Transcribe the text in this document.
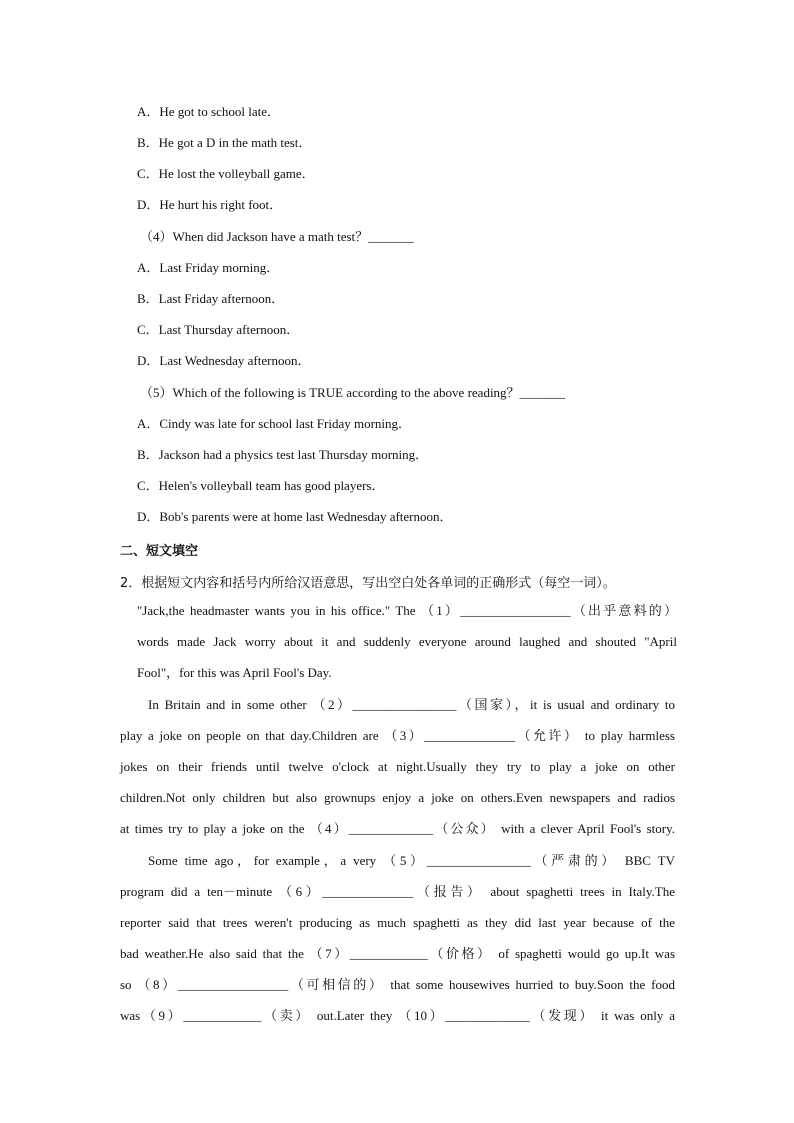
A．He got to school late．
B．He got a D in the math test．
C．He lost the volleyball game．
D．He hurt his right foot．
（4）When did Jackson have a math test？_______
A．Last Friday morning．
B．Last Friday afternoon．
C．Last Thursday afternoon．
D．Last Wednesday afternoon．
（5）Which of the following is TRUE according to the above reading？_______
A．Cindy was late for school last Friday morning．
B．Jackson had a physics test last Thursday morning．
C．Helen's volleyball team has good players．
D．Bob's parents were at home last Wednesday afternoon．
二、短文填空
2．根据短文内容和括号内所给汉语意思，写出空白处各单词的正确形式（每空一词）。
"Jack,the headmaster wants you in his office." The （1）_________________（出乎意料的）
words made Jack worry about it and suddenly everyone around laughed and shouted "April
Fool"，for this was April Fool's Day.
In Britain and in some other （2）________________（国家），it is usual and ordinary to
play a joke on people on that day.Children are （3）______________（允许） to play harmless
jokes on their friends until twelve o'clock at night.Usually they try to play a joke on other
children.Not only children but also grownups enjoy a joke on others.Even newspapers and radios
at times try to play a joke on the （4）_____________（公众） with a clever April Fool's story.
Some time ago，for example，a very （5）________________（严肃的） BBC TV
program did a ten－minute （6）______________（报告） about spaghetti trees in Italy.The
reporter said that trees weren't producing as much spaghetti as they did last year because of the
bad weather.He also said that the （7）____________（价格） of spaghetti would go up.It was
so （8）_________________（可相信的） that some housewives hurried to buy.Soon the food
was（9）____________（卖） out.Later they （10）_____________（发现） it was only a
